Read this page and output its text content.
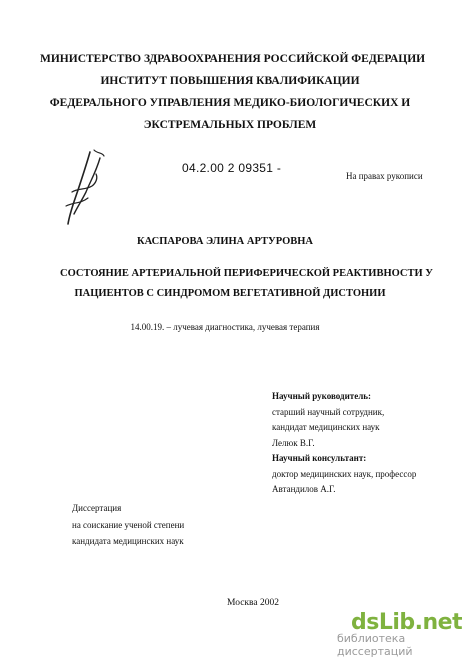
МИНИСТЕРСТВО ЗДРАВООХРАНЕНИЯ РОССИЙСКОЙ ФЕДЕРАЦИИ
ИНСТИТУТ ПОВЫШЕНИЯ КВАЛИФИКАЦИИ
ФЕДЕРАЛЬНОГО УПРАВЛЕНИЯ МЕДИКО-БИОЛОГИЧЕСКИХ И
ЭКСТРЕМАЛЬНЫХ ПРОБЛЕМ
04.2.00 2 09351 -
На правах рукописи
КАСПАРОВА ЭЛИНА АРТУРОВНА
СОСТОЯНИЕ АРТЕРИАЛЬНОЙ ПЕРИФЕРИЧЕСКОЙ РЕАКТИВНОСТИ У
ПАЦИЕНТОВ С СИНДРОМОМ ВЕГЕТАТИВНОЙ ДИСТОНИИ
14.00.19. – лучевая диагностика, лучевая терапия
Научный руководитель:
старший научный сотрудник,
кандидат медицинских наук
Лелюк В.Г.
Научный консультант:
доктор медицинских наук, профессор
Автандилов А.Г.
Диссертация
на соискание ученой степени
кандидата медицинских наук
Москва 2002
dsLib.net
библиотека диссертаций
